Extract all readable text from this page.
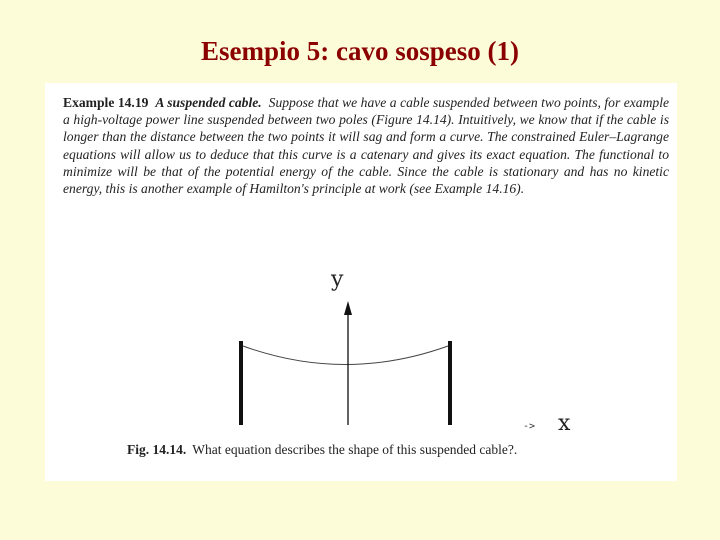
Esempio 5: cavo sospeso (1)
Example 14.19 A suspended cable. Suppose that we have a cable suspended between two points, for example a high-voltage power line suspended between two poles (Figure 14.14). Intuitively, we know that if the cable is longer than the distance between the two points it will sag and form a curve. The constrained Euler–Lagrange equations will allow us to deduce that this curve is a catenary and gives its exact equation. The functional to minimize will be that of the potential energy of the cable. Since the cable is stationary and has no kinetic energy, this is another example of Hamilton's principle at work (see Example 14.16).
->
y
x
Fig. 14.14. What equation describes the shape of this suspended cable?.
